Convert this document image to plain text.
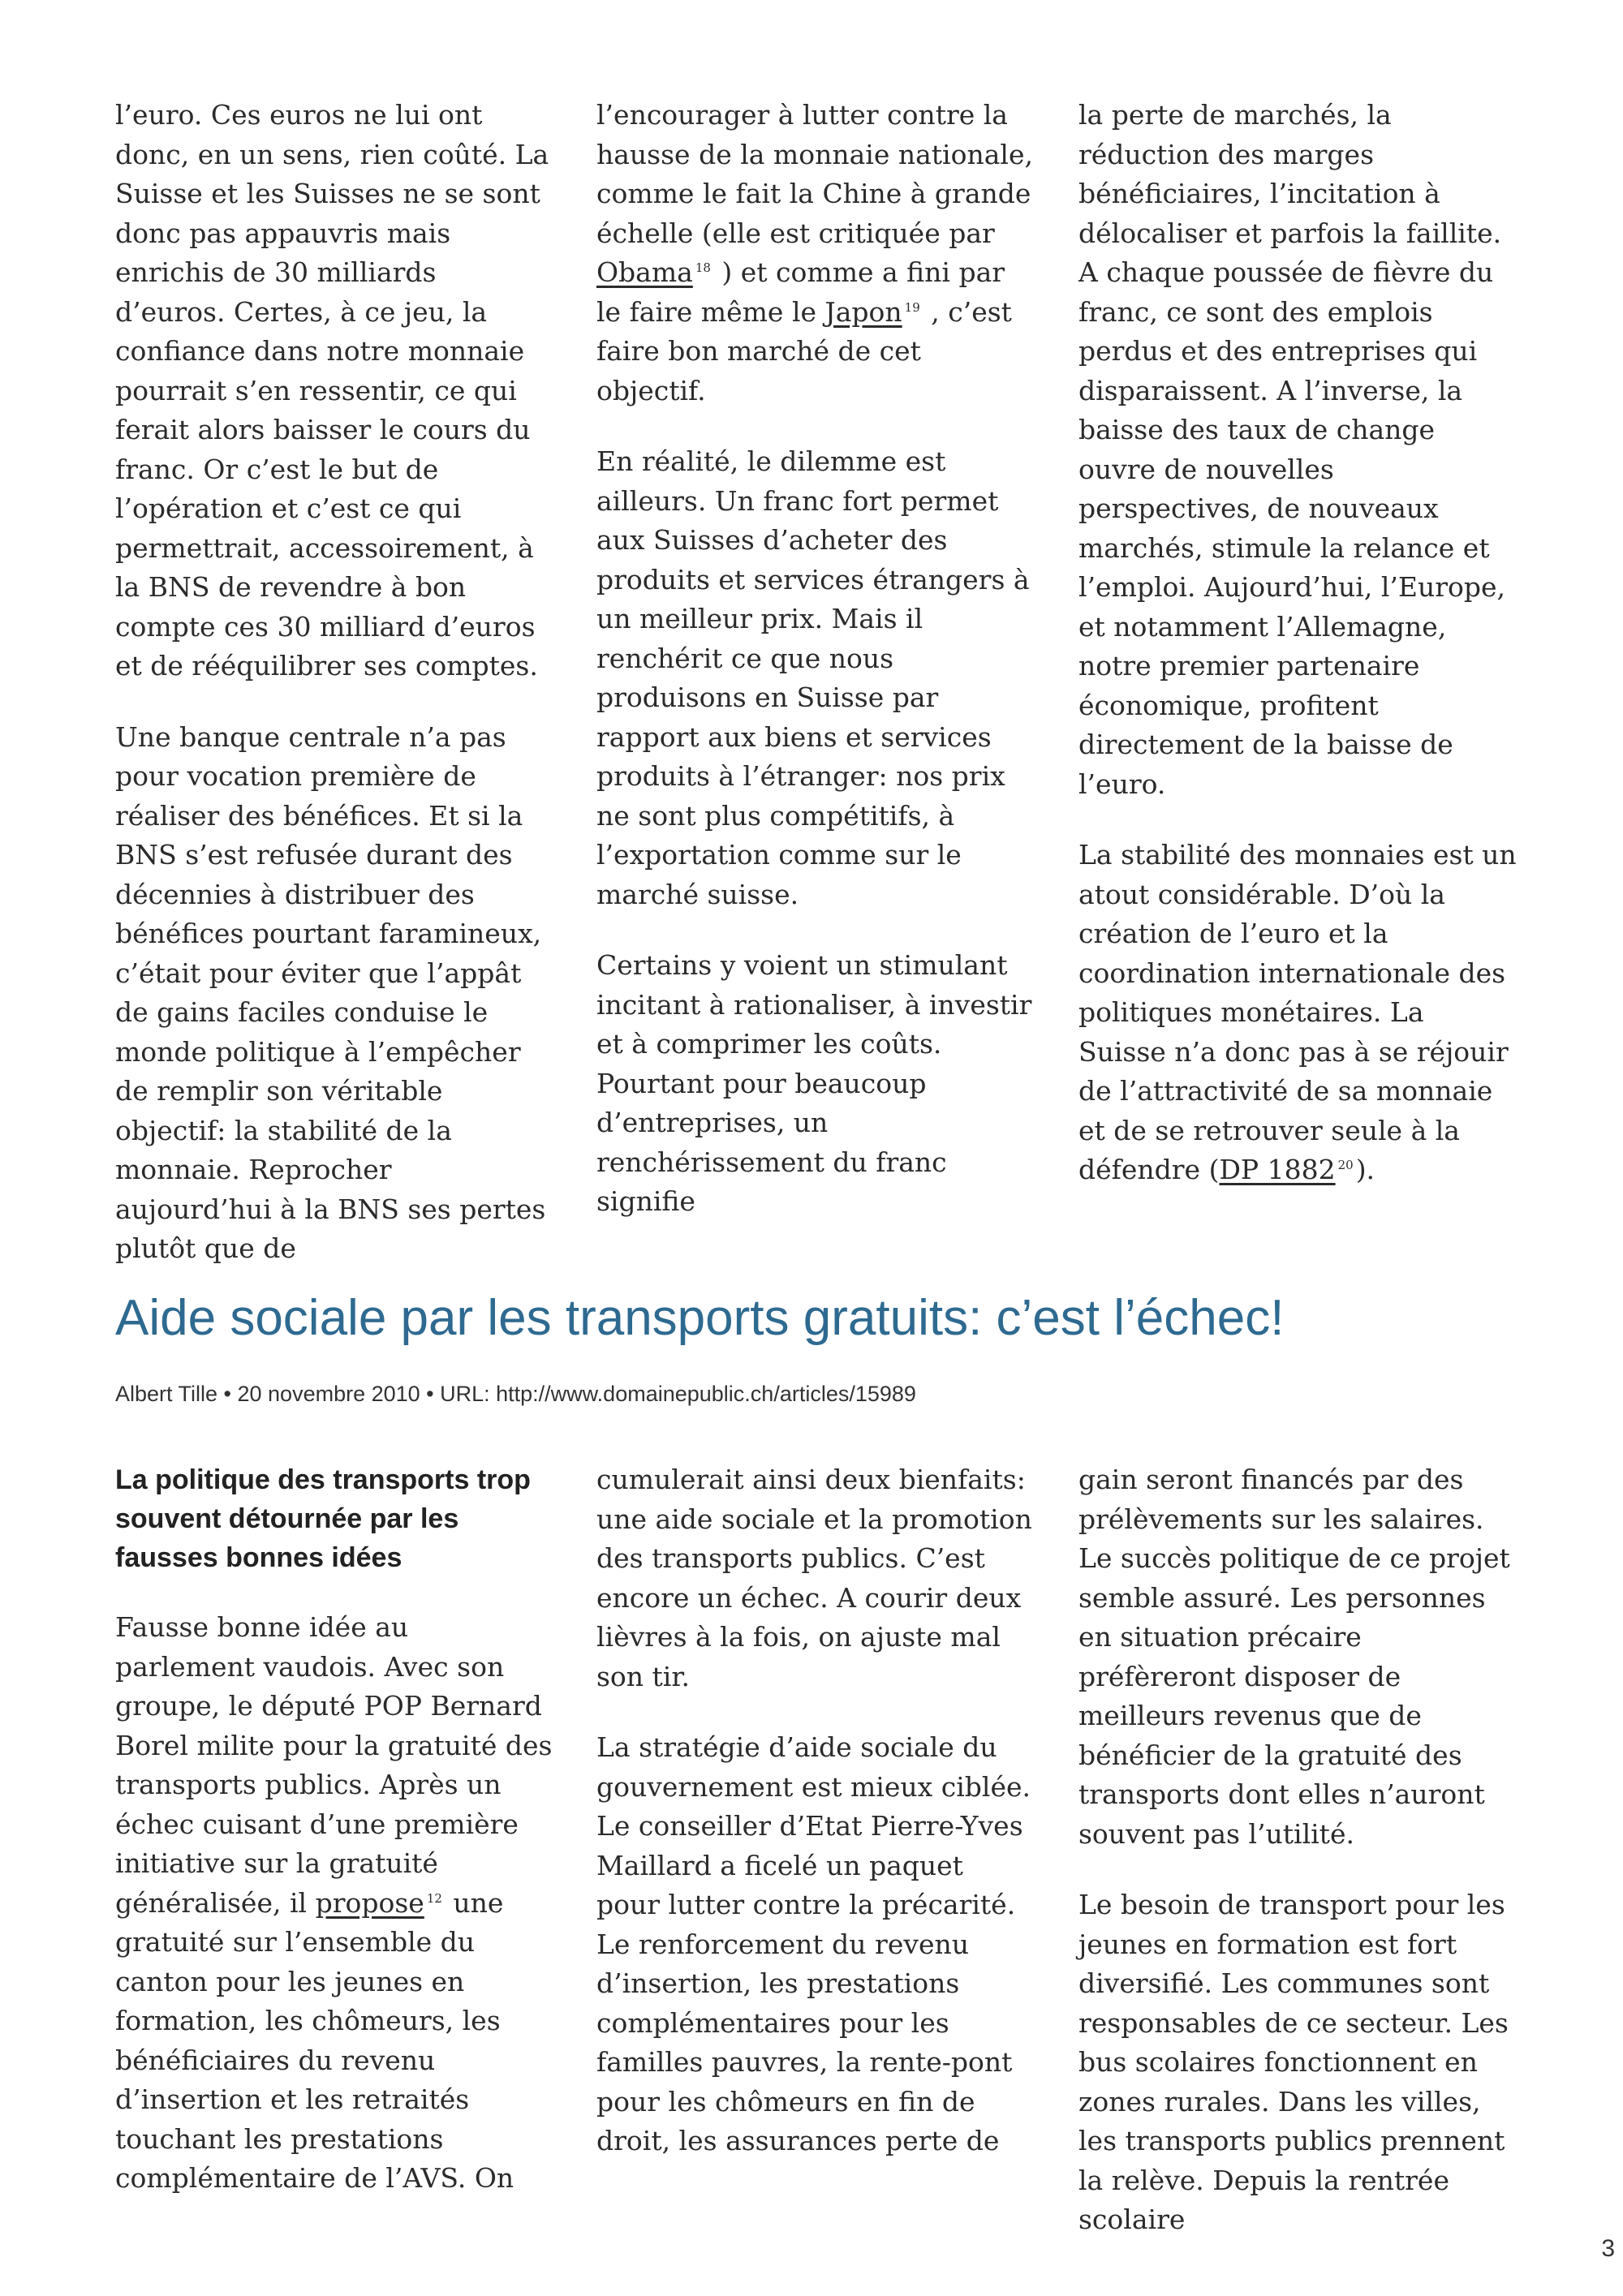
l’euro. Ces euros ne lui ont donc, en un sens, rien coûté. La Suisse et les Suisses ne se sont donc pas appauvris mais enrichis de 30 milliards d’euros. Certes, à ce jeu, la confiance dans notre monnaie pourrait s’en ressentir, ce qui ferait alors baisser le cours du franc. Or c’est le but de l’opération et c’est ce qui permettrait, accessoirement, à la BNS de revendre à bon compte ces 30 milliard d’euros et de rééquilibrer ses comptes.

Une banque centrale n’a pas pour vocation première de réaliser des bénéfices. Et si la BNS s’est refusée durant des décennies à distribuer des bénéfices pourtant faramineux, c’était pour éviter que l’appât de gains faciles conduise le monde politique à l’empêcher de remplir son véritable objectif: la stabilité de la monnaie. Reprocher aujourd’hui à la BNS ses pertes plutôt que de

l’encourager à lutter contre la hausse de la monnaie nationale, comme le fait la Chine à grande échelle (elle est critiquée par Obama $^{18}$ ) et comme a fini par le faire même le Japon $^{19}$ , c’est faire bon marché de cet objectif.

En réalité, le dilemme est ailleurs. Un franc fort permet aux Suisses d’acheter des produits et services étrangers à un meilleur prix. Mais il renchérit ce que nous produisons en Suisse par rapport aux biens et services produits à l’étranger: nos prix ne sont plus compétitifs, à l’exportation comme sur le marché suisse.

Certains y voient un stimulant incitant à rationaliser, à investir et à comprimer les coûts. Pourtant pour beaucoup d’entreprises, un renchérissement du franc signifie

la perte de marchés, la réduction des marges bénéficiaires, l’incitation à délocaliser et parfois la faillite. A chaque poussée de fièvre du franc, ce sont des emplois perdus et des entreprises qui disparaissent. A l’inverse, la baisse des taux de change ouvre de nouvelles perspectives, de nouveaux marchés, stimule la relance et l’emploi. Aujourd’hui, l’Europe, et notamment l’Allemagne, notre premier partenaire économique, profitent directement de la baisse de l’euro.

La stabilité des monnaies est un atout considérable. D’où la création de l’euro et la coordination internationale des politiques monétaires. La Suisse n’a donc pas à se réjouir de l’attractivité de sa monnaie et de se retrouver seule à la défendre (DP 1882 $^{20}$).

Aide sociale par les transports gratuits: c’est l’échec!
Albert Tille • 20 novembre 2010 • URL: http://www.domainepublic.ch/articles/15989
La politique des transports trop souvent détournée par les fausses bonnes idées

Fausse bonne idée au parlement vaudois. Avec son groupe, le député POP Bernard Borel milite pour la gratuité des transports publics. Après un échec cuisant d’une première initiative sur la gratuité généralisée, il propose $^{12}$ une gratuité sur l’ensemble du canton pour les jeunes en formation, les chômeurs, les bénéficiaires du revenu d’insertion et les retraités touchant les prestations complémentaire de l’AVS. On

cumulerait ainsi deux bienfaits: une aide sociale et la promotion des transports publics. C’est encore un échec. A courir deux lièvres à la fois, on ajuste mal son tir.

La stratégie d’aide sociale du gouvernement est mieux ciblée. Le conseiller d’Etat Pierre-Yves Maillard a ficelé un paquet pour lutter contre la précarité. Le renforcement du revenu d’insertion, les prestations complémentaires pour les familles pauvres, la rente-pont pour les chômeurs en fin de droit, les assurances perte de

gain seront financés par des prélèvements sur les salaires. Le succès politique de ce projet semble assuré. Les personnes en situation précaire préfèreront disposer de meilleurs revenus que de bénéficier de la gratuité des transports dont elles n’auront souvent pas l’utilité.

Le besoin de transport pour les jeunes en formation est fort diversifié. Les communes sont responsables de ce secteur. Les bus scolaires fonctionnent en zones rurales. Dans les villes, les transports publics prennent la relève. Depuis la rentrée scolaire

3
